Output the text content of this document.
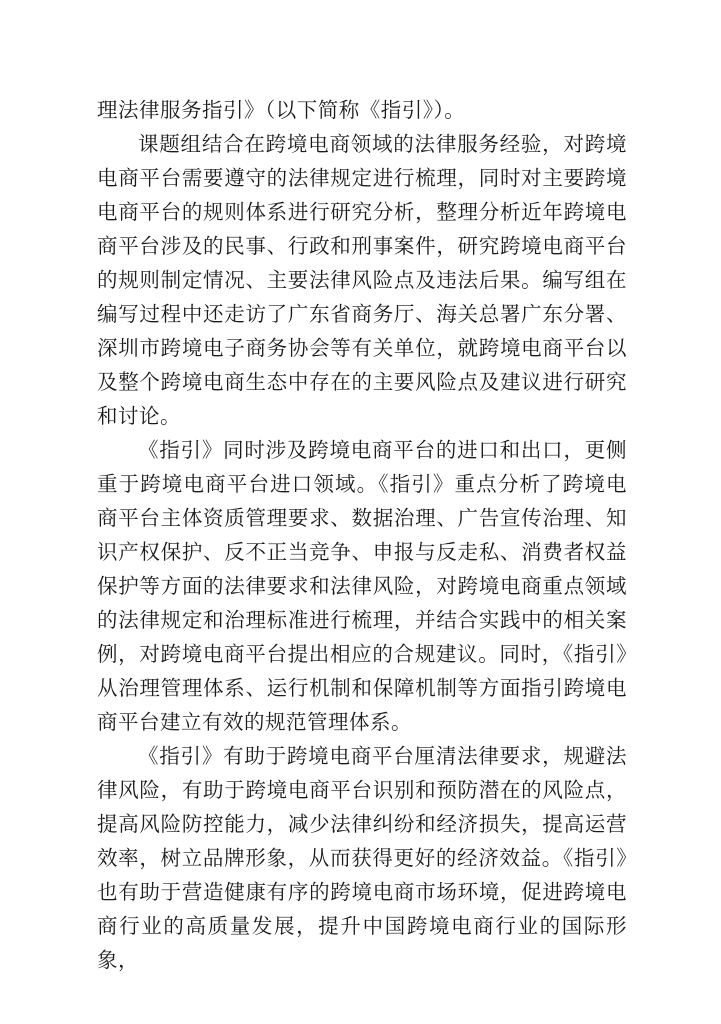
理法律服务指引》（以下简称《指引》）。

课题组结合在跨境电商领域的法律服务经验，对跨境电商平台需要遵守的法律规定进行梳理，同时对主要跨境电商平台的规则体系进行研究分析，整理分析近年跨境电商平台涉及的民事、行政和刑事案件，研究跨境电商平台的规则制定情况、主要法律风险点及违法后果。编写组在编写过程中还走访了广东省商务厅、海关总署广东分署、深圳市跨境电子商务协会等有关单位，就跨境电商平台以及整个跨境电商生态中存在的主要风险点及建议进行研究和讨论。

《指引》同时涉及跨境电商平台的进口和出口，更侧重于跨境电商平台进口领域。《指引》重点分析了跨境电商平台主体资质管理要求、数据治理、广告宣传治理、知识产权保护、反不正当竞争、申报与反走私、消费者权益保护等方面的法律要求和法律风险，对跨境电商重点领域的法律规定和治理标准进行梳理，并结合实践中的相关案例，对跨境电商平台提出相应的合规建议。同时，《指引》从治理管理体系、运行机制和保障机制等方面指引跨境电商平台建立有效的规范管理体系。

《指引》有助于跨境电商平台厘清法律要求，规避法律风险，有助于跨境电商平台识别和预防潜在的风险点，提高风险防控能力，减少法律纠纷和经济损失，提高运营效率，树立品牌形象，从而获得更好的经济效益。《指引》也有助于营造健康有序的跨境电商市场环境，促进跨境电商行业的高质量发展，提升中国跨境电商行业的国际形象，
